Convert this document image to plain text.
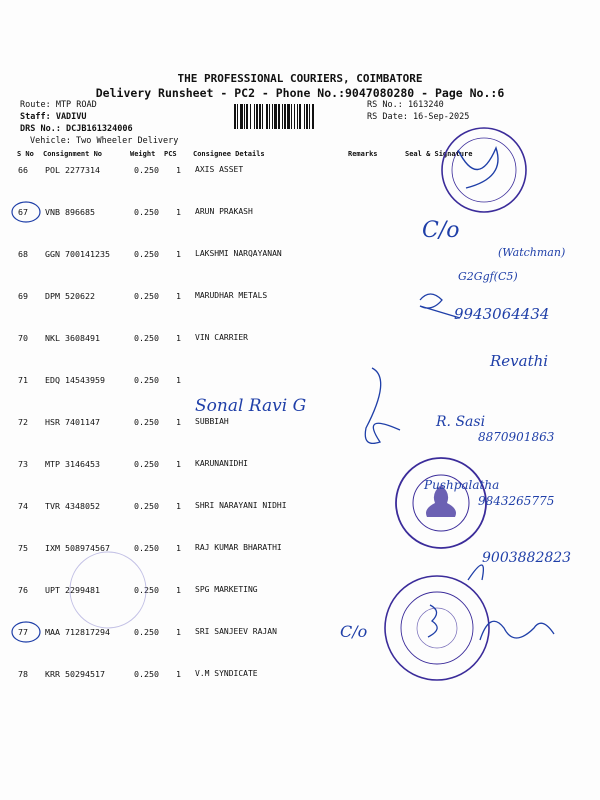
THE PROFESSIONAL COURIERS, COIMBATORE
Delivery Runsheet - PC2 - Phone No.:9047080280 - Page No.:6
Route: MTP ROAD
Staff: VADIVU
DRS No.: DCJB161324006
Vehicle: Two Wheeler Delivery
RS No.: 1613240
RS Date: 16-Sep-2025
S No Consignment No	Weight PCS Consignee Details	Remarks	Seal & Signature
66 POL 2277314	0.250 1 AXIS ASSET
67 VNB 896685	0.250 1 ARUN PRAKASH
68 GGN 700141235	0.250 1 LAKSHMI NARQAYANAN
69 DPM 520622	0.250 1 MARUDHAR METALS
70 NKL 3608491	0.250 1 VIN CARRIER
71 EDQ 14543959	0.250 1
72 HSR 7401147	0.250 1 SUBBIAH
73 MTP 3146453	0.250 1 KARUNANIDHI
74 TVR 4348052	0.250 1 SHRI NARAYANI NIDHI
75 IXM 508974567	0.250 1 RAJ KUMAR BHARATHI
76 UPT 2299481	0.250 1 SPG MARKETING
77 MAA 712817294	0.250 1 SRI SANJEEV RAJAN
78 KRR 50294517	0.250 1 V.M SYNDICATE
C/o
(Watchman)
G2Ggf(C5)
9943064434
Revathi
Sonal Ravi G
R. Sasi
8870901863
Pushpalatha
9843265775
9003882823
C/o
